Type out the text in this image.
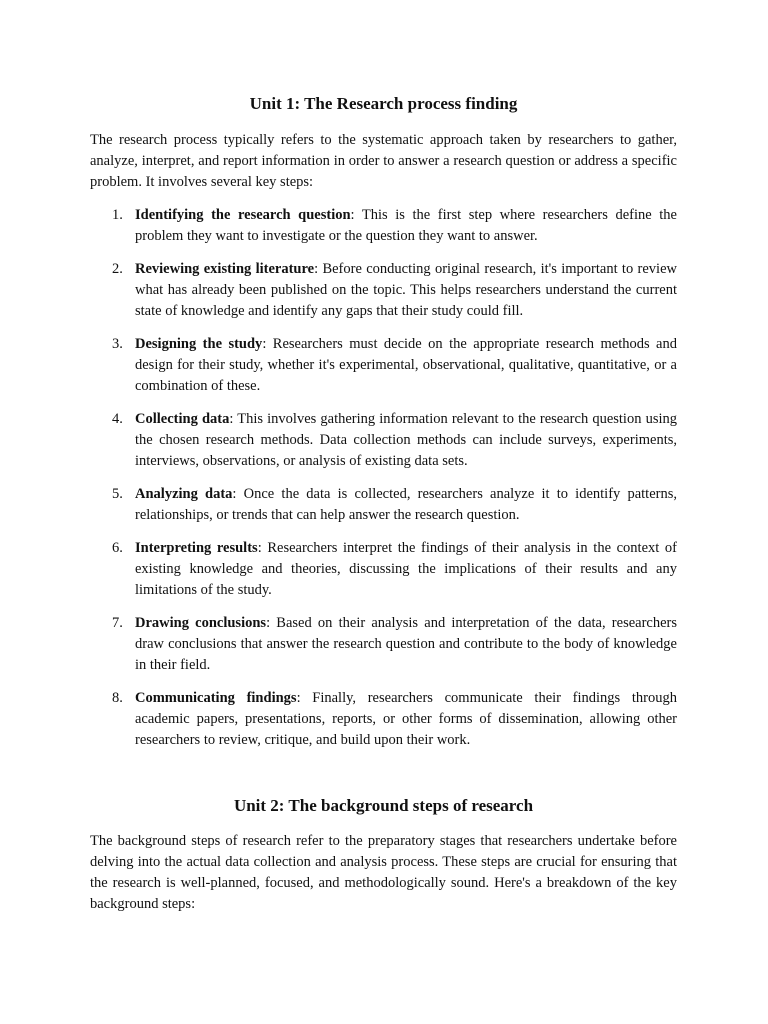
Unit 1: The Research process finding

The research process typically refers to the systematic approach taken by researchers to gather, analyze, interpret, and report information in order to answer a research question or address a specific problem. It involves several key steps:

1. Identifying the research question: This is the first step where researchers define the problem they want to investigate or the question they want to answer.
2. Reviewing existing literature: Before conducting original research, it's important to review what has already been published on the topic. This helps researchers understand the current state of knowledge and identify any gaps that their study could fill.
3. Designing the study: Researchers must decide on the appropriate research methods and design for their study, whether it's experimental, observational, qualitative, quantitative, or a combination of these.
4. Collecting data: This involves gathering information relevant to the research question using the chosen research methods. Data collection methods can include surveys, experiments, interviews, observations, or analysis of existing data sets.
5. Analyzing data: Once the data is collected, researchers analyze it to identify patterns, relationships, or trends that can help answer the research question.
6. Interpreting results: Researchers interpret the findings of their analysis in the context of existing knowledge and theories, discussing the implications of their results and any limitations of the study.
7. Drawing conclusions: Based on their analysis and interpretation of the data, researchers draw conclusions that answer the research question and contribute to the body of knowledge in their field.
8. Communicating findings: Finally, researchers communicate their findings through academic papers, presentations, reports, or other forms of dissemination, allowing other researchers to review, critique, and build upon their work.
Unit 2: The background steps of research

The background steps of research refer to the preparatory stages that researchers undertake before delving into the actual data collection and analysis process. These steps are crucial for ensuring that the research is well-planned, focused, and methodologically sound. Here's a breakdown of the key background steps:
